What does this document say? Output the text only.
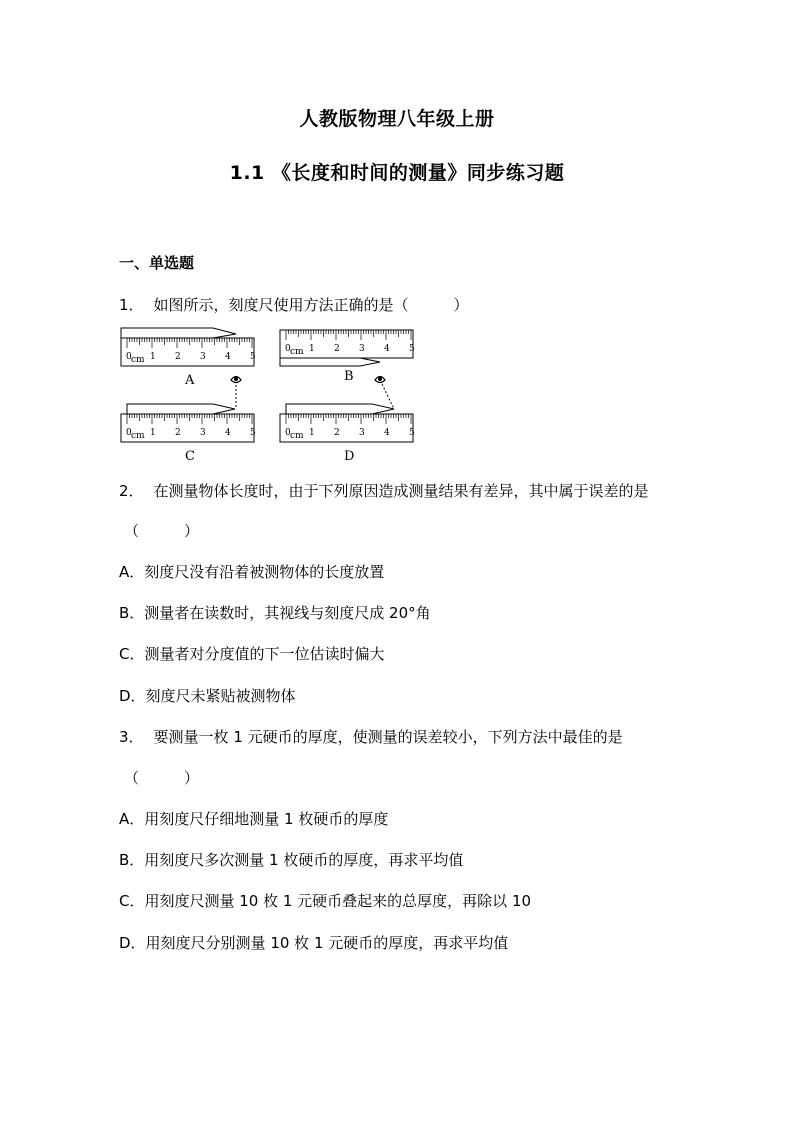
人教版物理八年级上册
1.1 《长度和时间的测量》同步练习题
一、单选题
1． 如图所示，刻度尺使用方法正确的是（　　　）
0 1 2 3 4 5
cm
A
0 1 2 3 4 5
cm
B
0 1 2 3 4 5
cm
C
0 1 2 3 4 5
cm
D
2． 在测量物体长度时，由于下列原因造成测量结果有差异，其中属于误差的是
（　　　）
A．刻度尺没有沿着被测物体的长度放置
B．测量者在读数时，其视线与刻度尺成 20°角
C．测量者对分度值的下一位估读时偏大
D．刻度尺未紧贴被测物体
3． 要测量一枚 1 元硬币的厚度，使测量的误差较小，下列方法中最佳的是
（　　　）
A．用刻度尺仔细地测量 1 枚硬币的厚度
B．用刻度尺多次测量 1 枚硬币的厚度，再求平均值
C．用刻度尺测量 10 枚 1 元硬币叠起来的总厚度，再除以 10
D．用刻度尺分别测量 10 枚 1 元硬币的厚度，再求平均值
